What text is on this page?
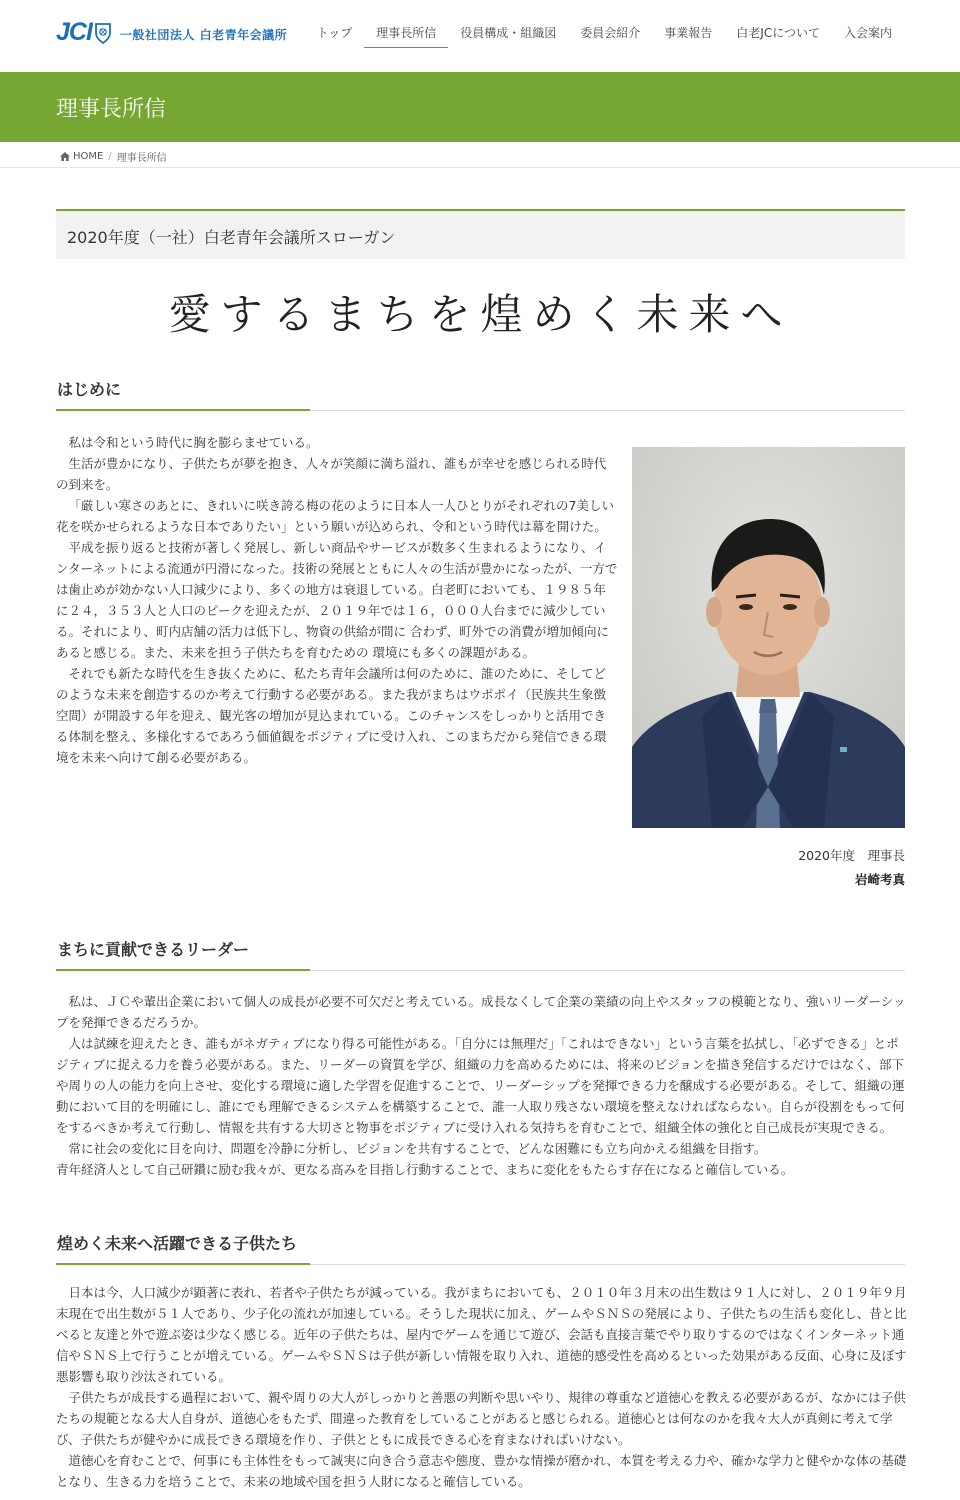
JCI 一般社団法人 白老青年会議所	トップ	理事長所信	役員構成・組織図	委員会紹介	事業報告	白老JCについて	入会案内
理事長所信
HOME / 理事長所信
2020年度（一社）白老青年会議所スローガン
愛するまちを煌めく未来へ
はじめに

私は令和という時代に胸を膨らませている。

生活が豊かになり、子供たちが夢を抱き、人々が笑顔に満ち溢れ、誰もが幸せを感じられる時代の到来を。

「厳しい寒さのあとに、きれいに咲き誇る梅の花のように日本人一人ひとりがそれぞれの7美しい花を咲かせられるような日本でありたい」という願いが込められ、令和という時代は幕を開けた。

平成を振り返ると技術が著しく発展し、新しい商品やサービスが数多く生まれるようになり、インターネットによる流通が円滑になった。技術の発展とともに人々の生活が豊かになったが、一方では歯止めが効かない人口減少により、多くの地方は衰退している。白老町においても、１９８５年に２４，３５３人と人口のピークを迎えたが、２０１９年では１６，０００人台までに減少している。それにより、町内店舗の活力は低下し、物資の供給が間に 合わず、町外での消費が増加傾向にあると感じる。また、未来を担う子供たちを育むための 環境にも多くの課題がある。

それでも新たな時代を生き抜くために、私たち青年会議所は何のために、誰のために、そしてどのような未来を創造するのか考えて行動する必要がある。また我がまちはウポポイ（民族共生象徴空間）が開設する年を迎え、観光客の増加が見込まれている。このチャンスをしっかりと活用できる体制を整え、多様化するであろう価値観をポジティブに受け入れ、このまちだから発信できる環境を未来へ向けて創る必要がある。

2020年度　理事長
岩崎考真
まちに貢献できるリーダー

私は、ＪＣや輩出企業において個人の成長が必要不可欠だと考えている。成長なくして企業の業績の向上やスタッフの模範となり、強いリーダーシップを発揮できるだろうか。

人は試練を迎えたとき、誰もがネガティブになり得る可能性がある。「自分には無理だ」「これはできない」という言葉を払拭し、「必ずできる」とポジティブに捉える力を養う必要がある。また、リーダーの資質を学び、組織の力を高めるためには、将来のビジョンを描き発信するだけではなく、部下や周りの人の能力を向上させ、変化する環境に適した学習を促進することで、リーダーシップを発揮できる力を醸成する必要がある。そして、組織の運動において目的を明確にし、誰にでも理解できるシステムを構築することで、誰一人取り残さない環境を整えなければならない。自らが役割をもって何をするべきか考えて行動し、情報を共有する大切さと物事をポジティブに受け入れる気持ちを育むことで、組織全体の強化と自己成長が実現できる。

常に社会の変化に目を向け、問題を冷静に分析し、ビジョンを共有することで、どんな困難にも立ち向かえる組織を目指す。

青年経済人として自己研鑽に励む我々が、更なる高みを目指し行動することで、まちに変化をもたらす存在になると確信している。

煌めく未来へ活躍できる子供たち

日本は今、人口減少が顕著に表れ、若者や子供たちが減っている。我がまちにおいても、２０１０年３月末の出生数は９１人に対し、２０１９年９月末現在で出生数が５１人であり、少子化の流れが加速している。そうした現状に加え、ゲームやＳＮＳの発展により、子供たちの生活も変化し、昔と比べると友達と外で遊ぶ姿は少なく感じる。近年の子供たちは、屋内でゲームを通じて遊び、会話も直接言葉でやり取りするのではなくインターネット通信やＳＮＳ上で行うことが増えている。ゲームやＳＮＳは子供が新しい情報を取り入れ、道徳的感受性を高めるといった効果がある反面、心身に及ぼす悪影響も取り沙汰されている。

子供たちが成長する過程において、親や周りの大人がしっかりと善悪の判断や思いやり、規律の尊重など道徳心を教える必要があるが、なかには子供たちの規範となる大人自身が、道徳心をもたず、間違った教育をしていることがあると感じられる。道徳心とは何なのかを我々大人が真剣に考えて学び、子供たちが健やかに成長できる環境を作り、子供とともに成長できる心を育まなければいけない。

道徳心を育むことで、何事にも主体性をもって誠実に向き合う意志や態度、豊かな情操が磨かれ、本質を考える力や、確かな学力と健やかな体の基礎となり、生きる力を培うことで、未来の地域や国を担う人財になると確信している。
